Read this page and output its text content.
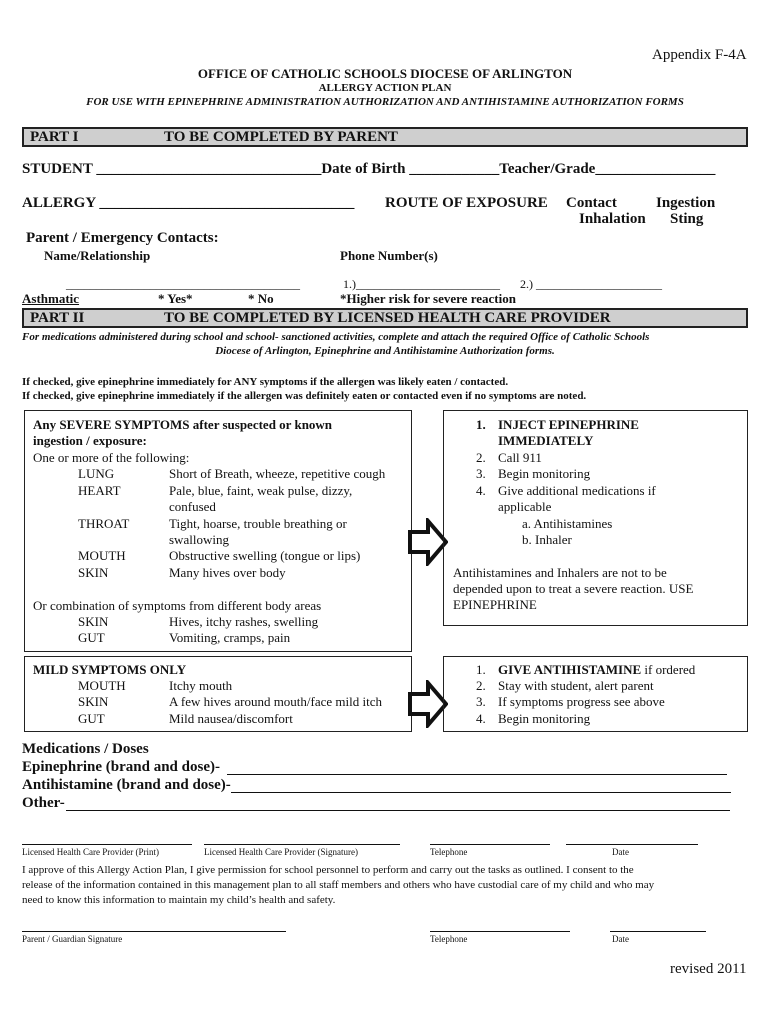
Appendix F-4A
OFFICE OF CATHOLIC SCHOOLS DIOCESE OF ARLINGTON
ALLERGY ACTION PLAN
FOR USE WITH EPINEPHRINE ADMINISTRATION AUTHORIZATION AND ANTIHISTAMINE AUTHORIZATION FORMS
PART I	TO BE COMPLETED BY PARENT
STUDENT ______________________________Date of Birth ____________Teacher/Grade________________
ALLERGY __________________________________ ROUTE OF EXPOSURE Contact	Ingestion
Inhalation Sting
Parent / Emergency Contacts:
Name/Relationship	Phone Number(s)
_______________________________________	1.)________________________ 2.) _____________________
Asthmatic	* Yes*	* No	*Higher risk for severe reaction
PART II	TO BE COMPLETED BY LICENSED HEALTH CARE PROVIDER
For medications administered during school and school- sanctioned activities, complete and attach the required Office of Catholic Schools
Diocese of Arlington, Epinephrine and Antihistamine Authorization forms.
If checked, give epinephrine immediately for ANY symptoms if the allergen was likely eaten / contacted.
If checked, give epinephrine immediately if the allergen was definitely eaten or contacted even if no symptoms are noted.
Any SEVERE SYMPTOMS after suspected or known
ingestion / exposure:
One or more of the following:
LUNG	Short of Breath, wheeze, repetitive cough
HEART	Pale, blue, faint, weak pulse, dizzy,
confused
THROAT	Tight, hoarse, trouble breathing or
swallowing
MOUTH	Obstructive swelling (tongue or lips)
SKIN	Many hives over body
Or combination of symptoms from different body areas
SKIN	Hives, itchy rashes, swelling
GUT	Vomiting, cramps, pain
1. INJECT EPINEPHRINE
IMMEDIATELY
2. Call 911
3. Begin monitoring
4. Give additional medications if
applicable
a. Antihistamines
b. Inhaler
Antihistamines and Inhalers are not to be
depended upon to treat a severe reaction. USE
EPINEPHRINE
MILD SYMPTOMS ONLY
MOUTH	Itchy mouth
SKIN	A few hives around mouth/face mild itch
GUT	Mild nausea/discomfort
1. GIVE ANTIHISTAMINE if ordered
2. Stay with student, alert parent
3. If symptoms progress see above
4. Begin monitoring
Medications / Doses
Epinephrine (brand and dose)-
Antihistamine (brand and dose)-
Other-
Licensed Health Care Provider (Print)	Licensed Health Care Provider (Signature)	Telephone	Date
I approve of this Allergy Action Plan, I give permission for school personnel to perform and carry out the tasks as outlined. I consent to the
release of the information contained in this management plan to all staff members and others who have custodial care of my child and who may
need to know this information to maintain my child’s health and safety.
Parent / Guardian Signature	Telephone	Date
revised 2011
